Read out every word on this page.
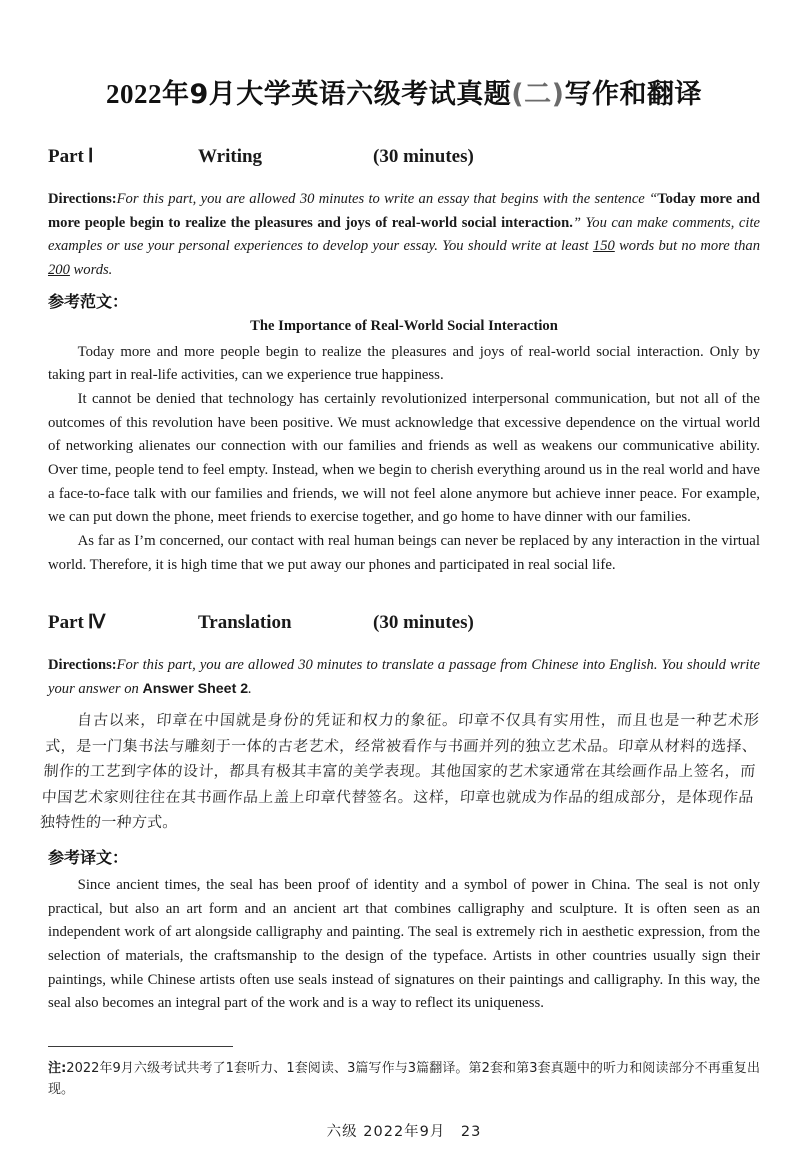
2022年9月大学英语六级考试真题(二)写作和翻译
Part Ⅰ	Writing	(30 minutes)
Directions:For this part, you are allowed 30 minutes to write an essay that begins with the sentence “Today more and more people begin to realize the pleasures and joys of real-world social interaction.” You can make comments, cite examples or use your personal experiences to develop your essay. You should write at least 150 words but no more than 200 words.
参考范文：
The Importance of Real-World Social Interaction
Today more and more people begin to realize the pleasures and joys of real-world social interaction. Only by taking part in real-life activities, can we experience true happiness.
It cannot be denied that technology has certainly revolutionized interpersonal communication, but not all of the outcomes of this revolution have been positive. We must acknowledge that excessive dependence on the virtual world of networking alienates our connection with our families and friends as well as weakens our communicative ability. Over time, people tend to feel empty. Instead, when we begin to cherish everything around us in the real world and have a face-to-face talk with our families and friends, we will not feel alone anymore but achieve inner peace. For example, we can put down the phone, meet friends to exercise together, and go home to have dinner with our families.
As far as I’m concerned, our contact with real human beings can never be replaced by any interaction in the virtual world. Therefore, it is high time that we put away our phones and participated in real social life.
Part Ⅳ	Translation	(30 minutes)
Directions:For this part, you are allowed 30 minutes to translate a passage from Chinese into English. You should write your answer on Answer Sheet 2.
自古以来，印章在中国就是身份的凭证和权力的象征。印章不仅具有实用性，而且也是一种艺术形式，是一门集书法与雕刻于一体的古老艺术，经常被看作与书画并列的独立艺术品。印章从材料的选择、制作的工艺到字体的设计，都具有极其丰富的美学表现。其他国家的艺术家通常在其绘画作品上签名，而中国艺术家则往往在其书画作品上盖上印章代替签名。这样，印章也就成为作品的组成部分，是体现作品独特性的一种方式。
参考译文：
Since ancient times, the seal has been proof of identity and a symbol of power in China. The seal is not only practical, but also an art form and an ancient art that combines calligraphy and sculpture. It is often seen as an independent work of art alongside calligraphy and painting. The seal is extremely rich in aesthetic expression, from the selection of materials, the craftsmanship to the design of the typeface. Artists in other countries usually sign their paintings, while Chinese artists often use seals instead of signatures on their paintings and calligraphy. In this way, the seal also becomes an integral part of the work and is a way to reflect its uniqueness.
注:2022年9月六级考试共考了1套听力、1套阅读、3篇写作与3篇翻译。第2套和第3套真题中的听力和阅读部分不再重复出现。
六级 2022年9月　23
